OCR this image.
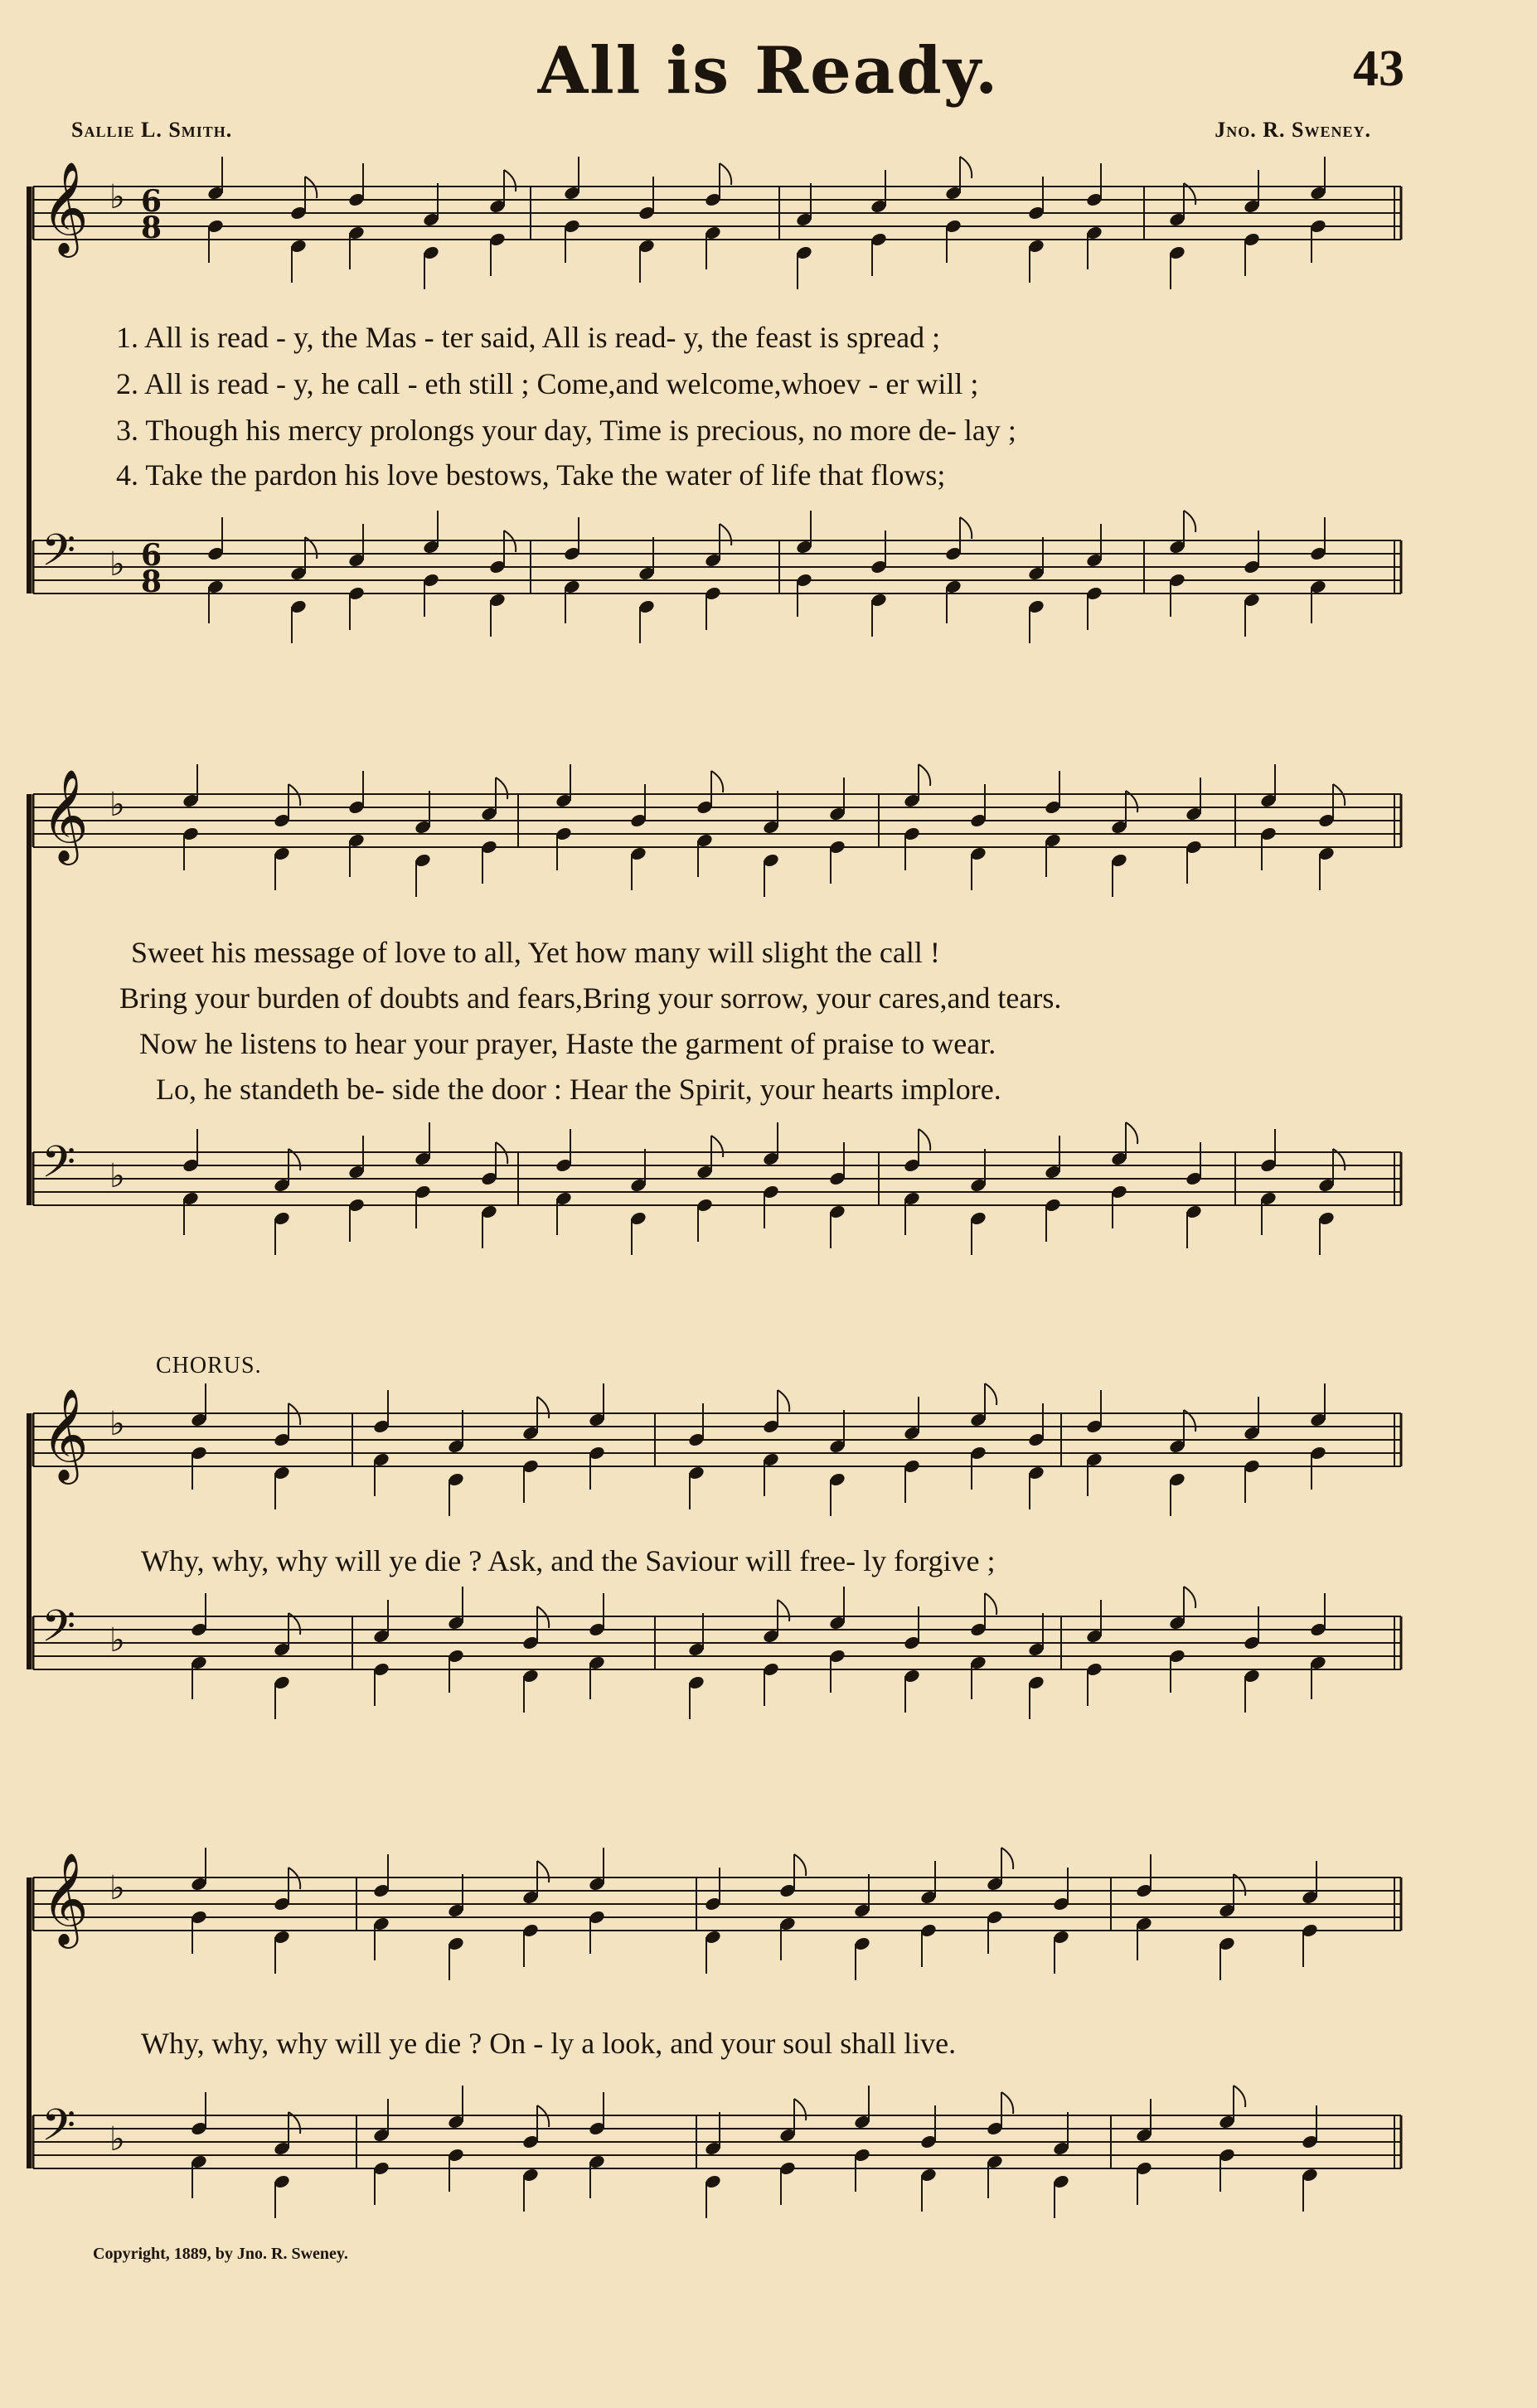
All is Ready.	43
Sallie L. Smith.	Jno. R. Sweney.
𝄞 ♭ 6
8
𝄢 ♭ 6
8
1. All is read - y, the Mas - ter said, All is read- y, the feast is spread ;
2. All is read - y, he call - eth still ; Come,and welcome,whoev - er will ;
3. Though his mercy prolongs your day, Time is precious, no more de- lay ;
4. Take the pardon his love bestows, Take the water of life that flows;
𝄞 ♭
𝄢 ♭
Sweet his message of love to all, Yet how many will slight the call !
Bring your burden of doubts and fears,Bring your sorrow, your cares,and tears.
Now he listens to hear your prayer, Haste the garment of praise to wear.
Lo, he standeth be- side the door : Hear the Spirit, your hearts implore.
CHORUS.
𝄞 ♭
𝄢 ♭
Why, why, why will ye die ? Ask, and the Saviour will free- ly forgive ;
𝄞 ♭
𝄢 ♭
Why, why, why will ye die ? On - ly a look, and your soul shall live.
Copyright, 1889, by Jno. R. Sweney.
